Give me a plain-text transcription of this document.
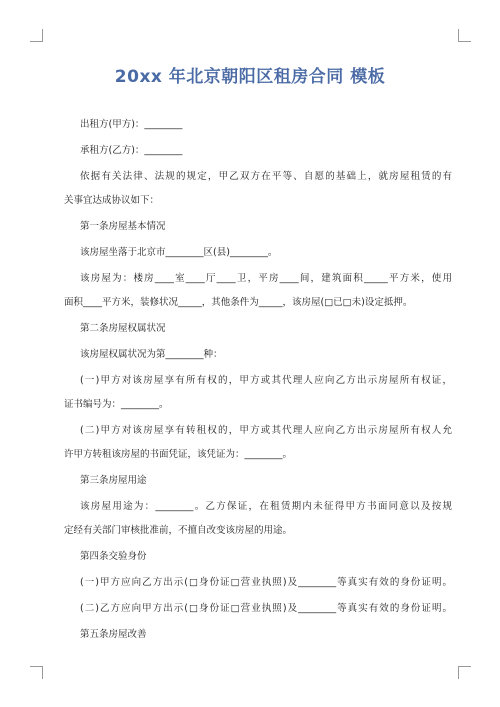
20xx 年北京朝阳区租房合同 模板
出租方(甲方)：________
承租方(乙方)：________
依据有关法律、法规的规定，甲乙双方在平等、自愿的基础上，就房屋租赁的有
关事宜达成协议如下：
第一条房屋基本情况
该房屋坐落于北京市________区(县)________。
该房屋为：楼房____室____厅____卫，平房____间，建筑面积_____平方米，使用
面积____平方米，装修状况_____，其他条件为_____，该房屋(□已□未)设定抵押。
第二条房屋权属状况
该房屋权属状况为第________种：
(一)甲方对该房屋享有所有权的，甲方或其代理人应向乙方出示房屋所有权证，
证书编号为：________。
(二)甲方对该房屋享有转租权的，甲方或其代理人应向乙方出示房屋所有权人允
许甲方转租该房屋的书面凭证，该凭证为：________。
第三条房屋用途
该房屋用途为：________。乙方保证，在租赁期内未征得甲方书面同意以及按规
定经有关部门审核批准前，不擅自改变该房屋的用途。
第四条交验身份
(一)甲方应向乙方出示(□身份证□营业执照)及________等真实有效的身份证明。
(二)乙方应向甲方出示(□身份证□营业执照)及________等真实有效的身份证明。
第五条房屋改善
